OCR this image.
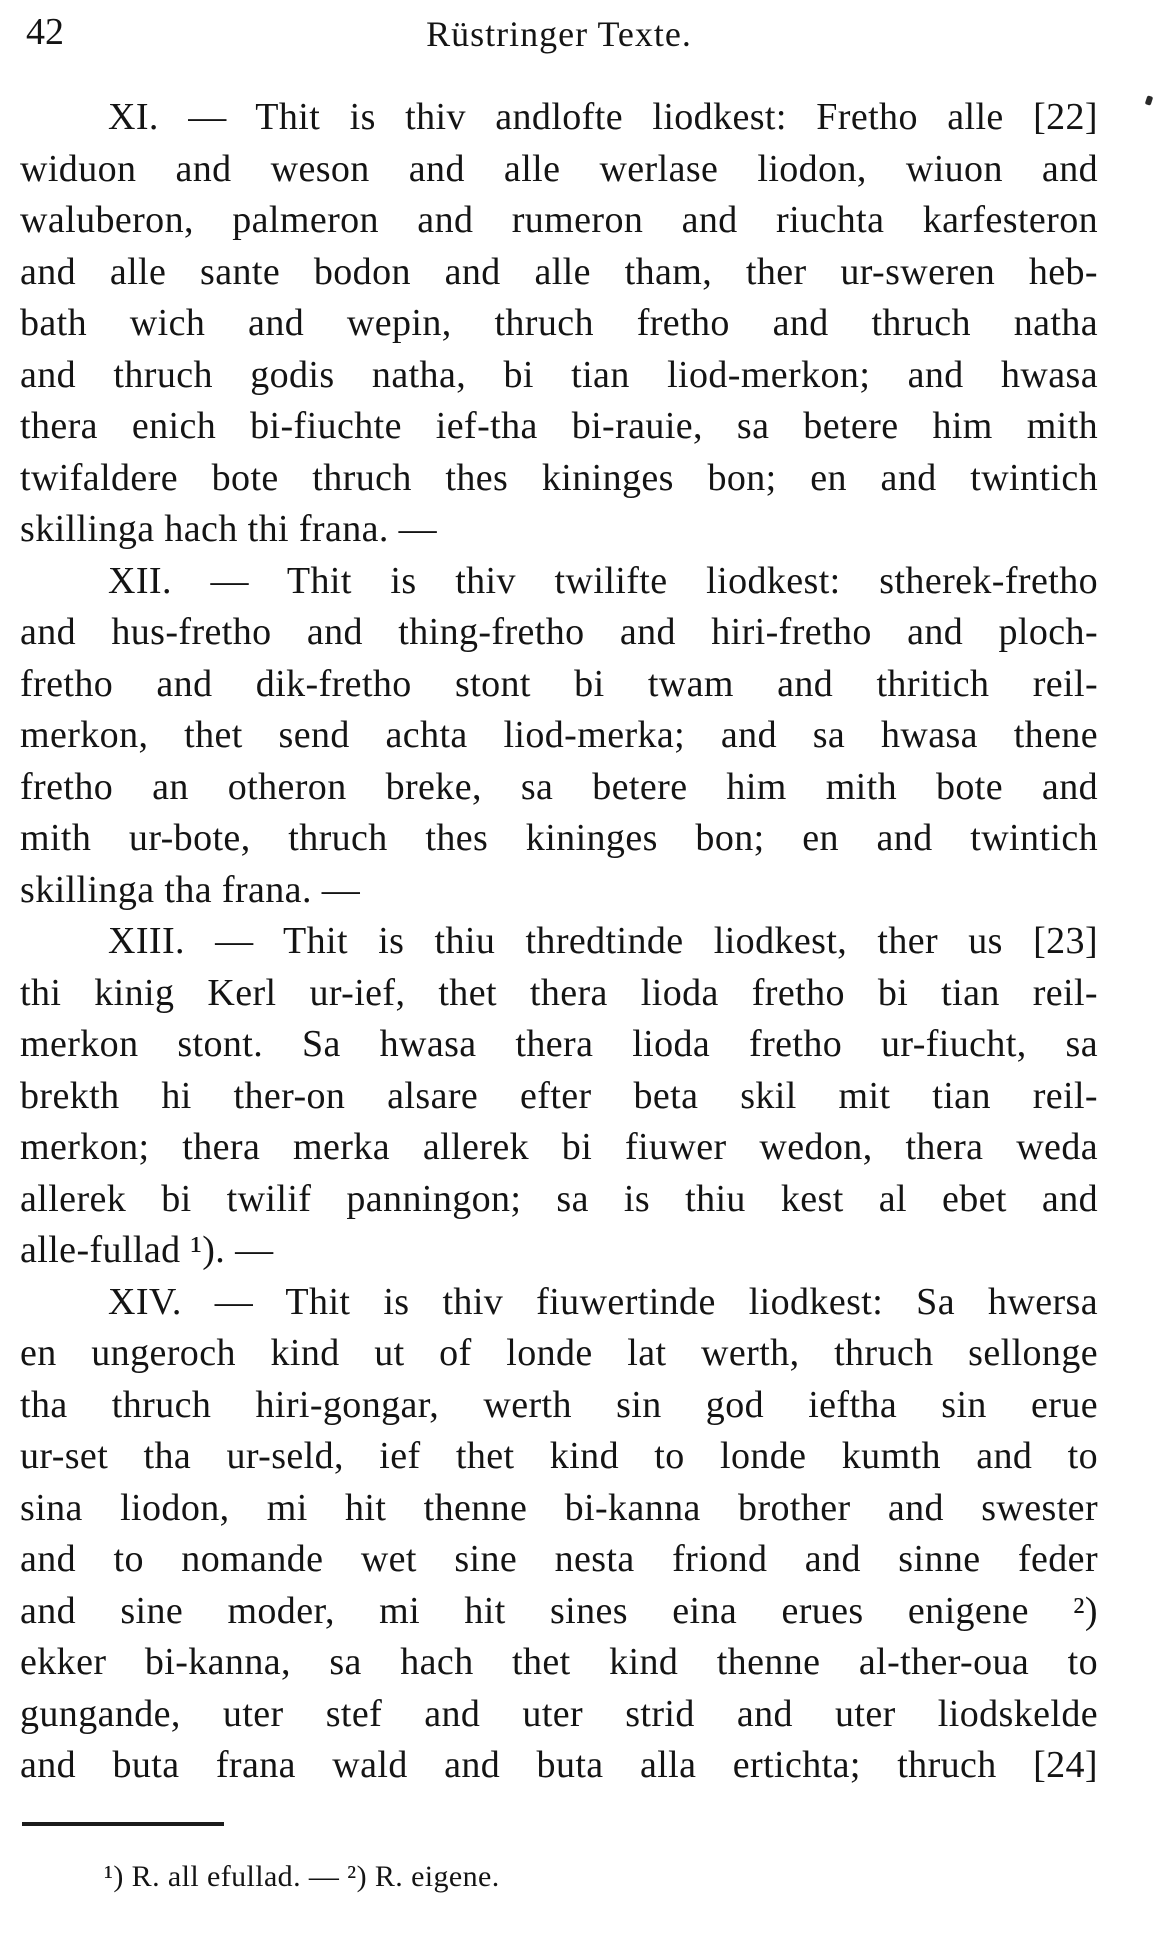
42	Rüstringer Texte.
XI. — Thit is thiv andlofte liodkest: Fretho alle [22]
widuon and weson and alle werlase liodon, wiuon and
waluberon, palmeron and rumeron and riuchta karfesteron
and alle sante bodon and alle tham, ther ur-sweren heb-
bath wich and wepin, thruch fretho and thruch natha
and thruch godis natha, bi tian liod-merkon; and hwasa
thera enich bi-fiuchte ief-tha bi-rauie, sa betere him mith
twifaldere bote thruch thes kininges bon; en and twintich
skillinga hach thi frana. —
XII. — Thit is thiv twilifte liodkest: stherek-fretho
and hus-fretho and thing-fretho and hiri-fretho and ploch-
fretho and dik-fretho stont bi twam and thritich reil-
merkon, thet send achta liod-merka; and sa hwasa thene
fretho an otheron breke, sa betere him mith bote and
mith ur-bote, thruch thes kininges bon; en and twintich
skillinga tha frana. —
XIII. — Thit is thiu thredtinde liodkest, ther us [23]
thi kinig Kerl ur-ief, thet thera lioda fretho bi tian reil-
merkon stont. Sa hwasa thera lioda fretho ur-fiucht, sa
brekth hi ther-on alsare efter beta skil mit tian reil-
merkon; thera merka allerek bi fiuwer wedon, thera weda
allerek bi twilif panningon; sa is thiu kest al ebet and
alle-fullad ¹). —
XIV. — Thit is thiv fiuwertinde liodkest: Sa hwersa
en ungeroch kind ut of londe lat werth, thruch sellonge
tha thruch hiri-gongar, werth sin god ieftha sin erue
ur-set tha ur-seld, ief thet kind to londe kumth and to
sina liodon, mi hit thenne bi-kanna brother and swester
and to nomande wet sine nesta friond and sinne feder
and sine moder, mi hit sines eina erues enigene ²)
ekker bi-kanna, sa hach thet kind thenne al-ther-oua to
gungande, uter stef and uter strid and uter liodskelde
and buta frana wald and buta alla ertichta; thruch [24]
¹) R. all efullad. — ²) R. eigene.
